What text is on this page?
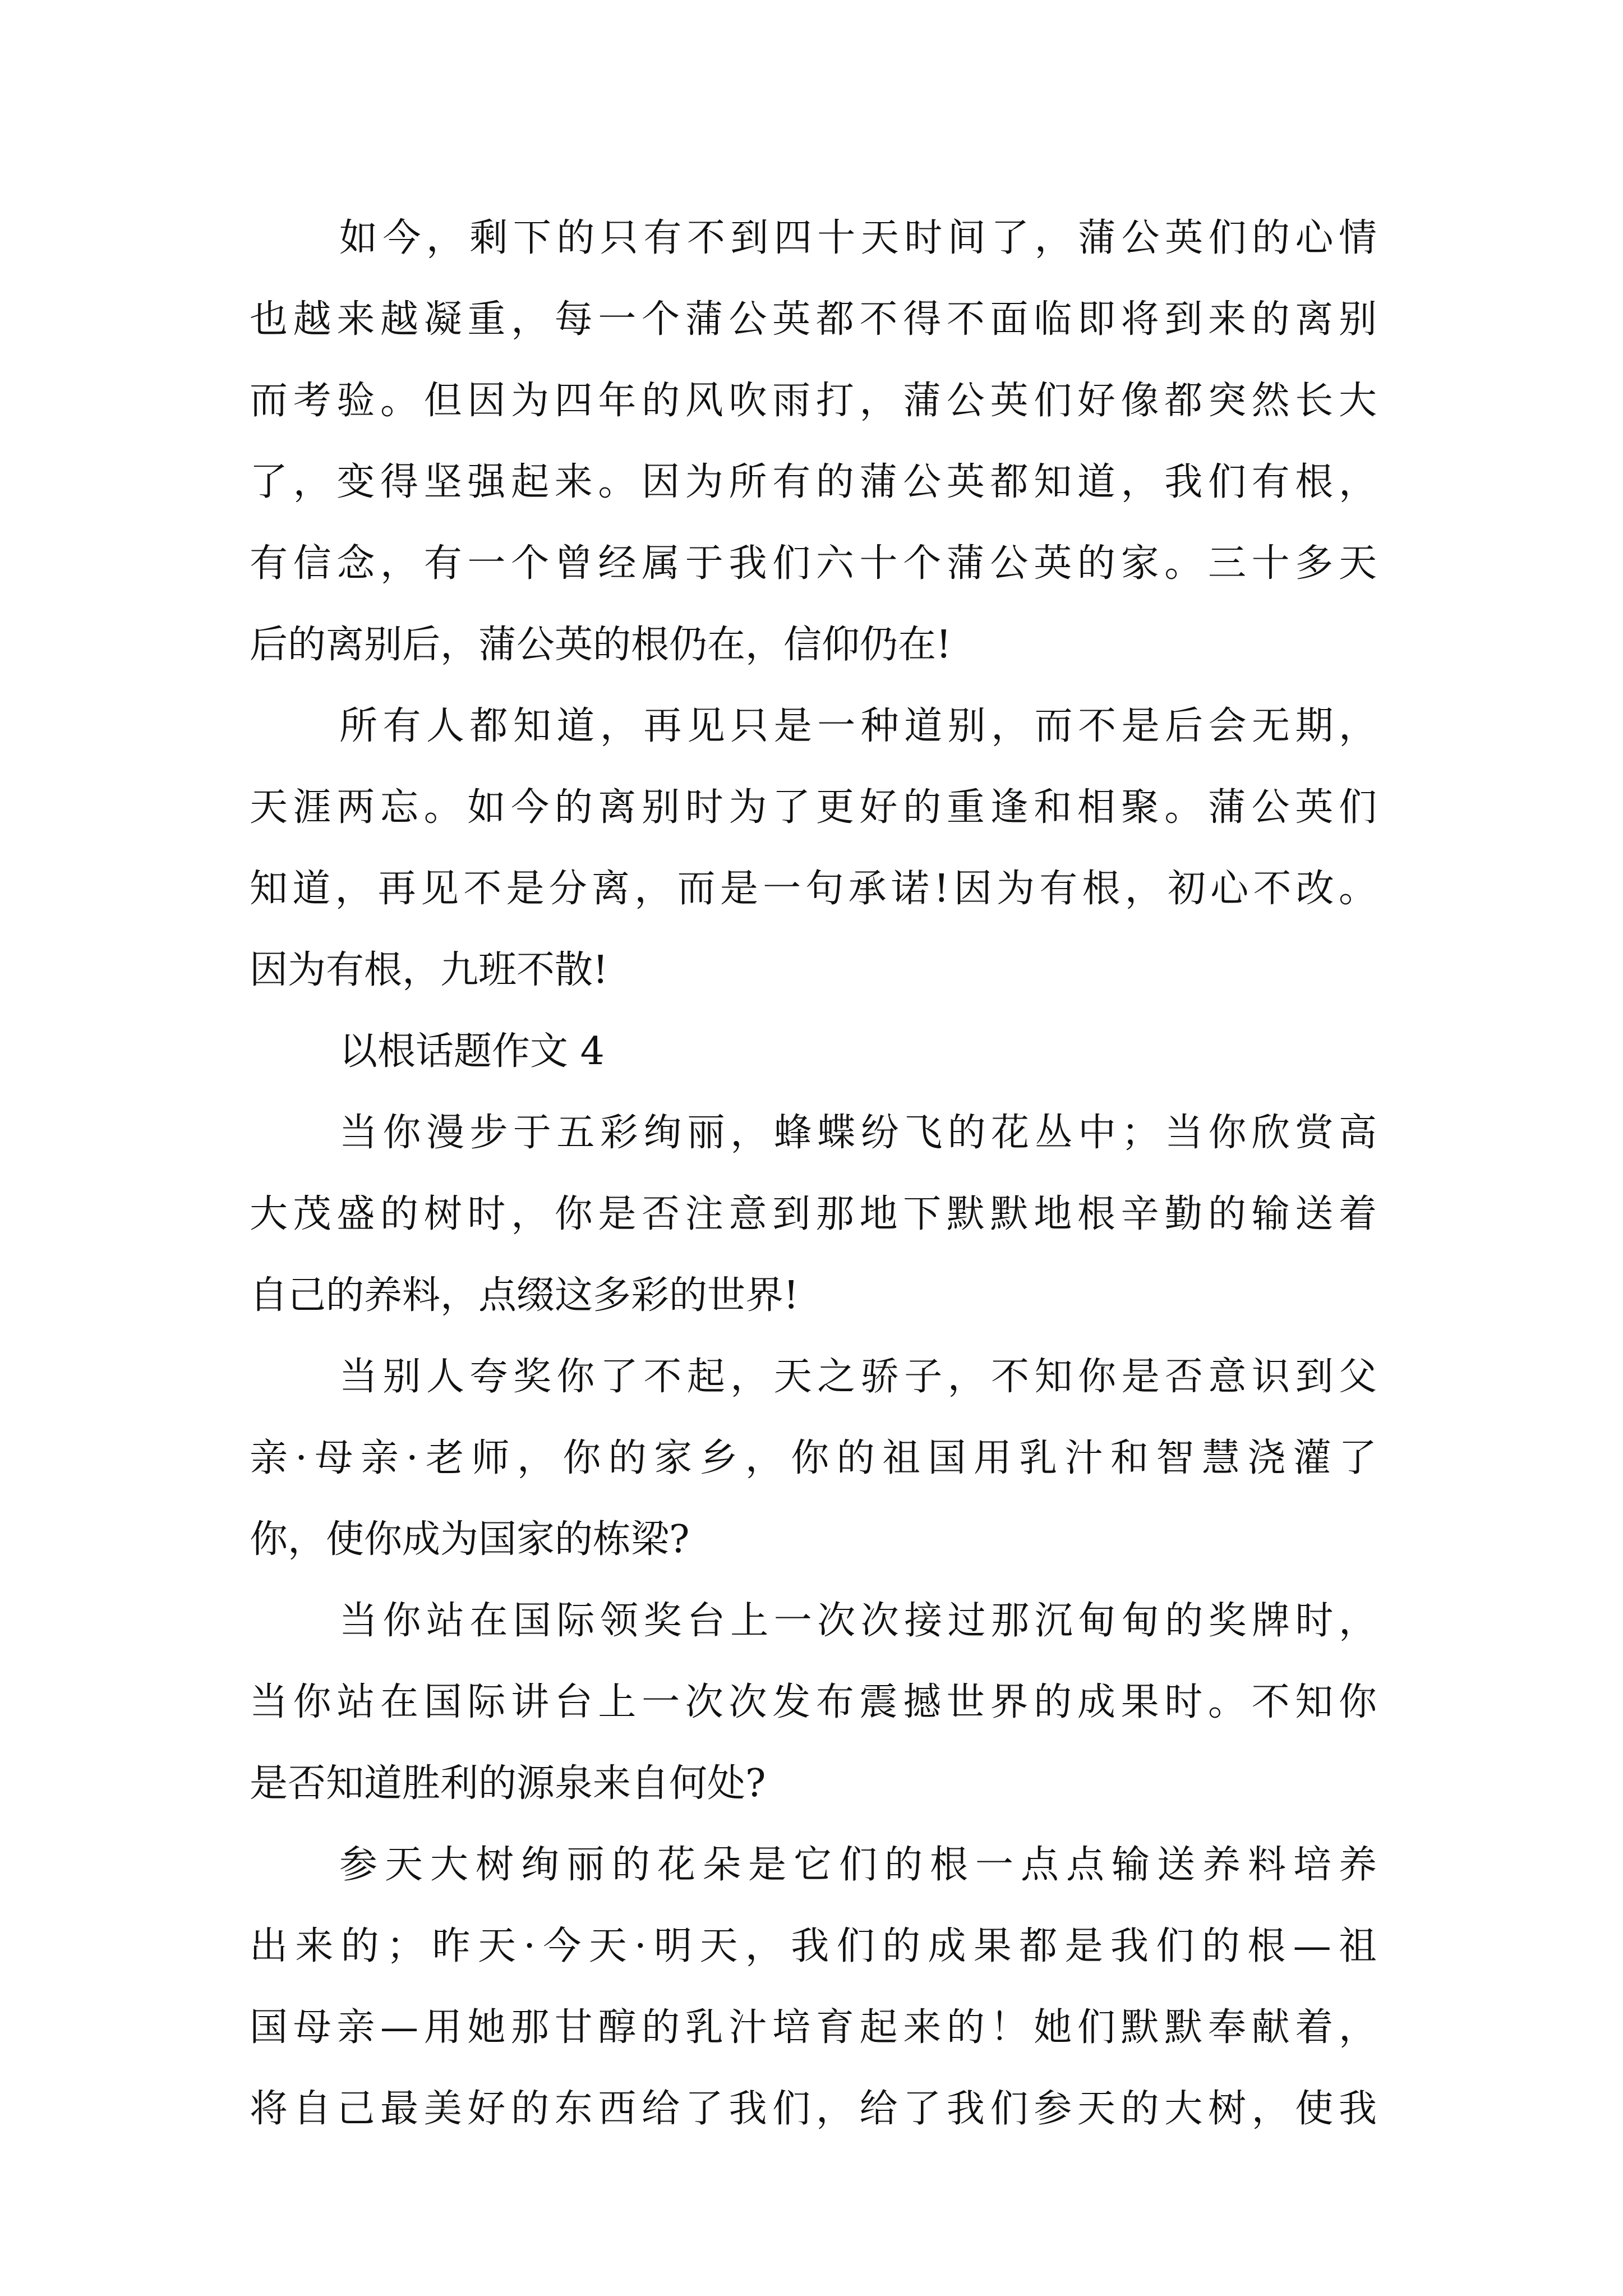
如今，剩下的只有不到四十天时间了，蒲公英们的心情
也越来越凝重，每一个蒲公英都不得不面临即将到来的离别
而考验。但因为四年的风吹雨打，蒲公英们好像都突然长大
了，变得坚强起来。因为所有的蒲公英都知道，我们有根，
有信念，有一个曾经属于我们六十个蒲公英的家。三十多天
后的离别后，蒲公英的根仍在，信仰仍在!
所有人都知道，再见只是一种道别，而不是后会无期，
天涯两忘。如今的离别时为了更好的重逢和相聚。蒲公英们
知道，再见不是分离，而是一句承诺!因为有根，初心不改。
因为有根，九班不散!
以根话题作文 4
当你漫步于五彩绚丽，蜂蝶纷飞的花丛中；当你欣赏高
大茂盛的树时，你是否注意到那地下默默地根辛勤的输送着
自己的养料，点缀这多彩的世界!
当别人夸奖你了不起，天之骄子，不知你是否意识到父
亲·母亲·老师，你的家乡，你的祖国用乳汁和智慧浇灌了
你，使你成为国家的栋梁?
当你站在国际领奖台上一次次接过那沉甸甸的奖牌时，
当你站在国际讲台上一次次发布震撼世界的成果时。不知你
是否知道胜利的源泉来自何处?
参天大树绚丽的花朵是它们的根一点点输送养料培养
出来的；昨天·今天·明天，我们的成果都是我们的根—祖
国母亲—用她那甘醇的乳汁培育起来的！她们默默奉献着，
将自己最美好的东西给了我们，给了我们参天的大树，使我
